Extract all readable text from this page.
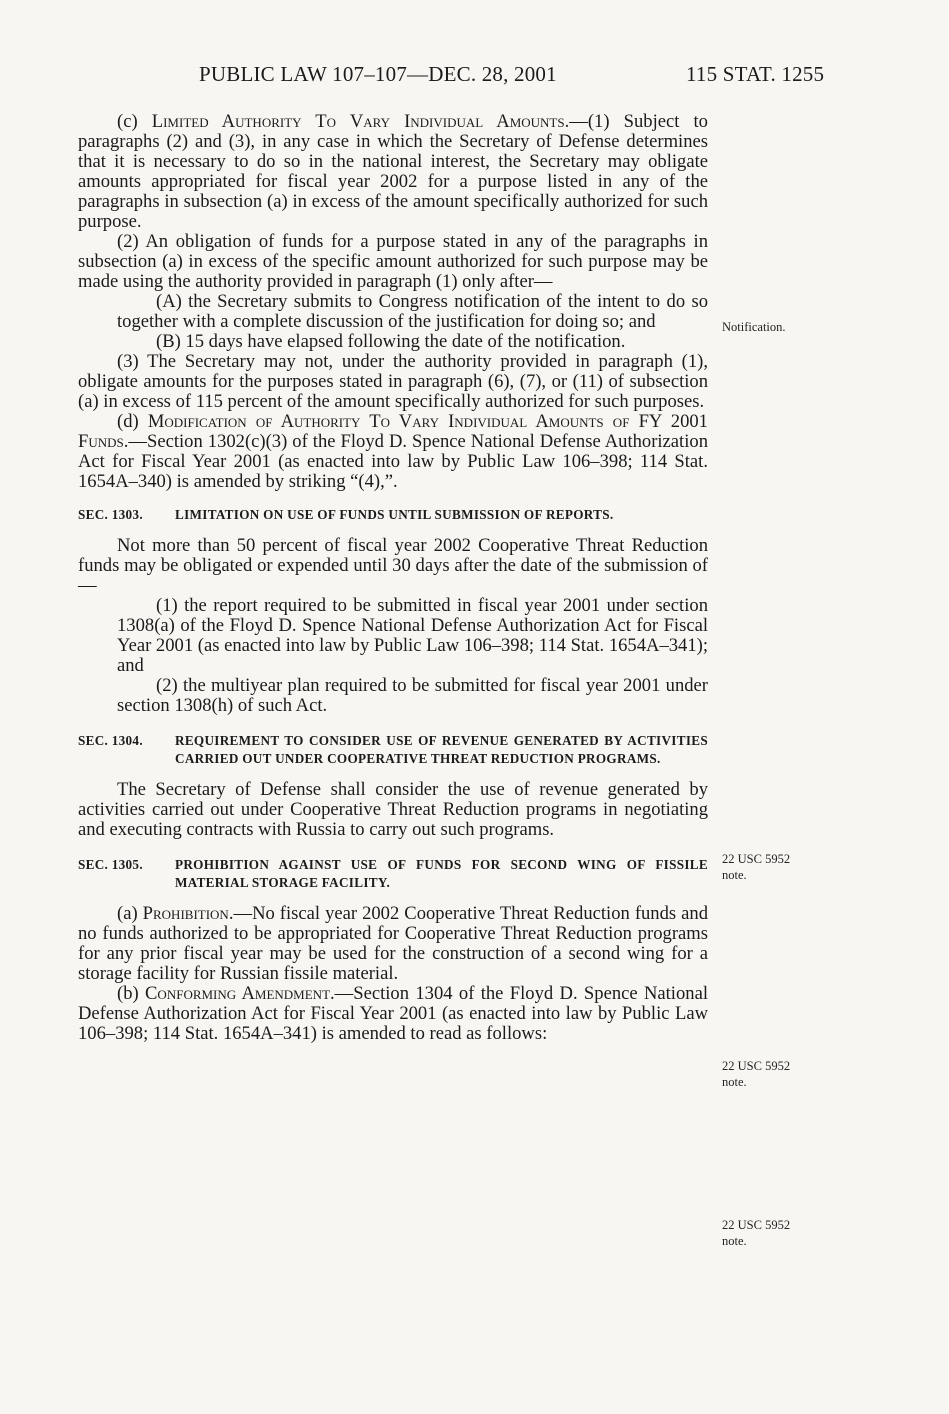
PUBLIC LAW 107–107—DEC. 28, 2001	115 STAT. 1255

(c) Limited Authority To Vary Individual Amounts.—(1) Subject to paragraphs (2) and (3), in any case in which the Secretary of Defense determines that it is necessary to do so in the national interest, the Secretary may obligate amounts appropriated for fiscal year 2002 for a purpose listed in any of the paragraphs in subsection (a) in excess of the amount specifically authorized for such purpose.

(2) An obligation of funds for a purpose stated in any of the paragraphs in subsection (a) in excess of the specific amount authorized for such purpose may be made using the authority provided in paragraph (1) only after—

(A) the Secretary submits to Congress notification of the intent to do so together with a complete discussion of the justification for doing so; and

(B) 15 days have elapsed following the date of the notification.

(3) The Secretary may not, under the authority provided in paragraph (1), obligate amounts for the purposes stated in paragraph (6), (7), or (11) of subsection (a) in excess of 115 percent of the amount specifically authorized for such purposes.

(d) Modification of Authority To Vary Individual Amounts of FY 2001 Funds.—Section 1302(c)(3) of the Floyd D. Spence National Defense Authorization Act for Fiscal Year 2001 (as enacted into law by Public Law 106–398; 114 Stat. 1654A–340) is amended by striking “(4),”.

SEC. 1303. LIMITATION ON USE OF FUNDS UNTIL SUBMISSION OF REPORTS.

Not more than 50 percent of fiscal year 2002 Cooperative Threat Reduction funds may be obligated or expended until 30 days after the date of the submission of—

(1) the report required to be submitted in fiscal year 2001 under section 1308(a) of the Floyd D. Spence National Defense Authorization Act for Fiscal Year 2001 (as enacted into law by Public Law 106–398; 114 Stat. 1654A–341); and

(2) the multiyear plan required to be submitted for fiscal year 2001 under section 1308(h) of such Act.

SEC. 1304. REQUIREMENT TO CONSIDER USE OF REVENUE GENERATED BY ACTIVITIES CARRIED OUT UNDER COOPERATIVE THREAT REDUCTION PROGRAMS.

The Secretary of Defense shall consider the use of revenue generated by activities carried out under Cooperative Threat Reduction programs in negotiating and executing contracts with Russia to carry out such programs.

SEC. 1305. PROHIBITION AGAINST USE OF FUNDS FOR SECOND WING OF FISSILE MATERIAL STORAGE FACILITY.

(a) Prohibition.—No fiscal year 2002 Cooperative Threat Reduction funds and no funds authorized to be appropriated for Cooperative Threat Reduction programs for any prior fiscal year may be used for the construction of a second wing for a storage facility for Russian fissile material.

(b) Conforming Amendment.—Section 1304 of the Floyd D. Spence National Defense Authorization Act for Fiscal Year 2001 (as enacted into law by Public Law 106–398; 114 Stat. 1654A–341) is amended to read as follows:

Notification.
22 USC 5952
note.
22 USC 5952
note.
22 USC 5952
note.
